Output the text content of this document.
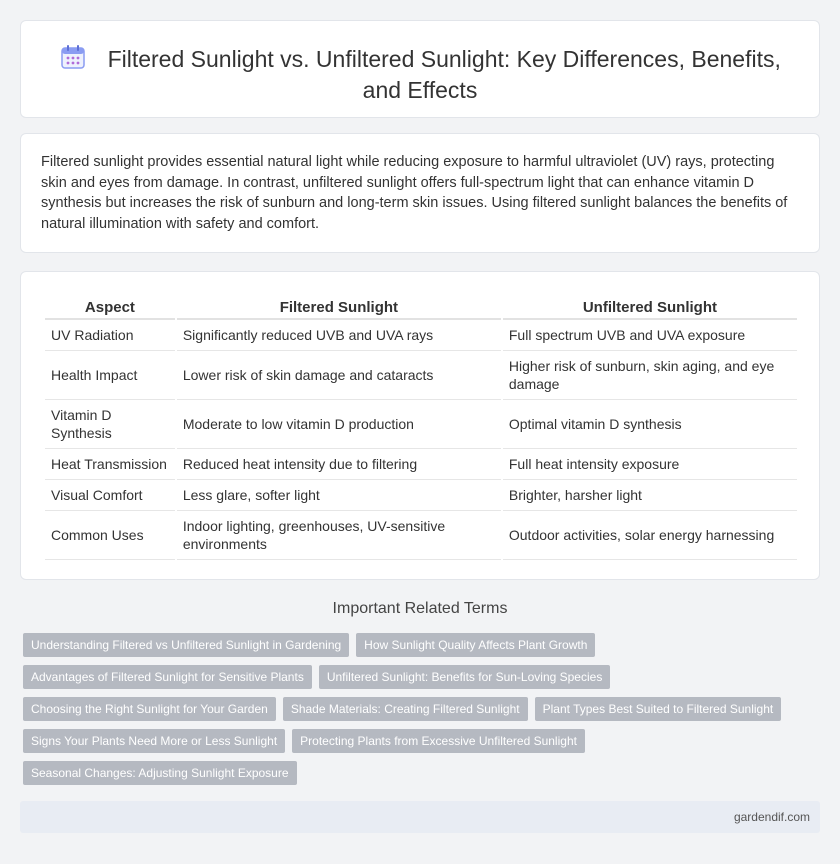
Filtered Sunlight vs. Unfiltered Sunlight: Key Differences, Benefits, and Effects

Filtered sunlight provides essential natural light while reducing exposure to harmful ultraviolet (UV) rays, protecting skin and eyes from damage. In contrast, unfiltered sunlight offers full-spectrum light that can enhance vitamin D synthesis but increases the risk of sunburn and long-term skin issues. Using filtered sunlight balances the benefits of natural illumination with safety and comfort.

Aspect	Filtered Sunlight	Unfiltered Sunlight
UV Radiation	Significantly reduced UVB and UVA rays	Full spectrum UVB and UVA exposure
Health Impact	Lower risk of skin damage and cataracts	Higher risk of sunburn, skin aging, and eye damage
Vitamin D Synthesis	Moderate to low vitamin D production	Optimal vitamin D synthesis
Heat Transmission	Reduced heat intensity due to filtering	Full heat intensity exposure
Visual Comfort	Less glare, softer light	Brighter, harsher light
Common Uses	Indoor lighting, greenhouses, UV-sensitive environments	Outdoor activities, solar energy harnessing
Important Related Terms
Understanding Filtered vs Unfiltered Sunlight in Gardening	How Sunlight Quality Affects Plant Growth
Advantages of Filtered Sunlight for Sensitive Plants	Unfiltered Sunlight: Benefits for Sun-Loving Species
Choosing the Right Sunlight for Your Garden	Shade Materials: Creating Filtered Sunlight	Plant Types Best Suited to Filtered Sunlight
Signs Your Plants Need More or Less Sunlight	Protecting Plants from Excessive Unfiltered Sunlight
Seasonal Changes: Adjusting Sunlight Exposure
gardendif.com
